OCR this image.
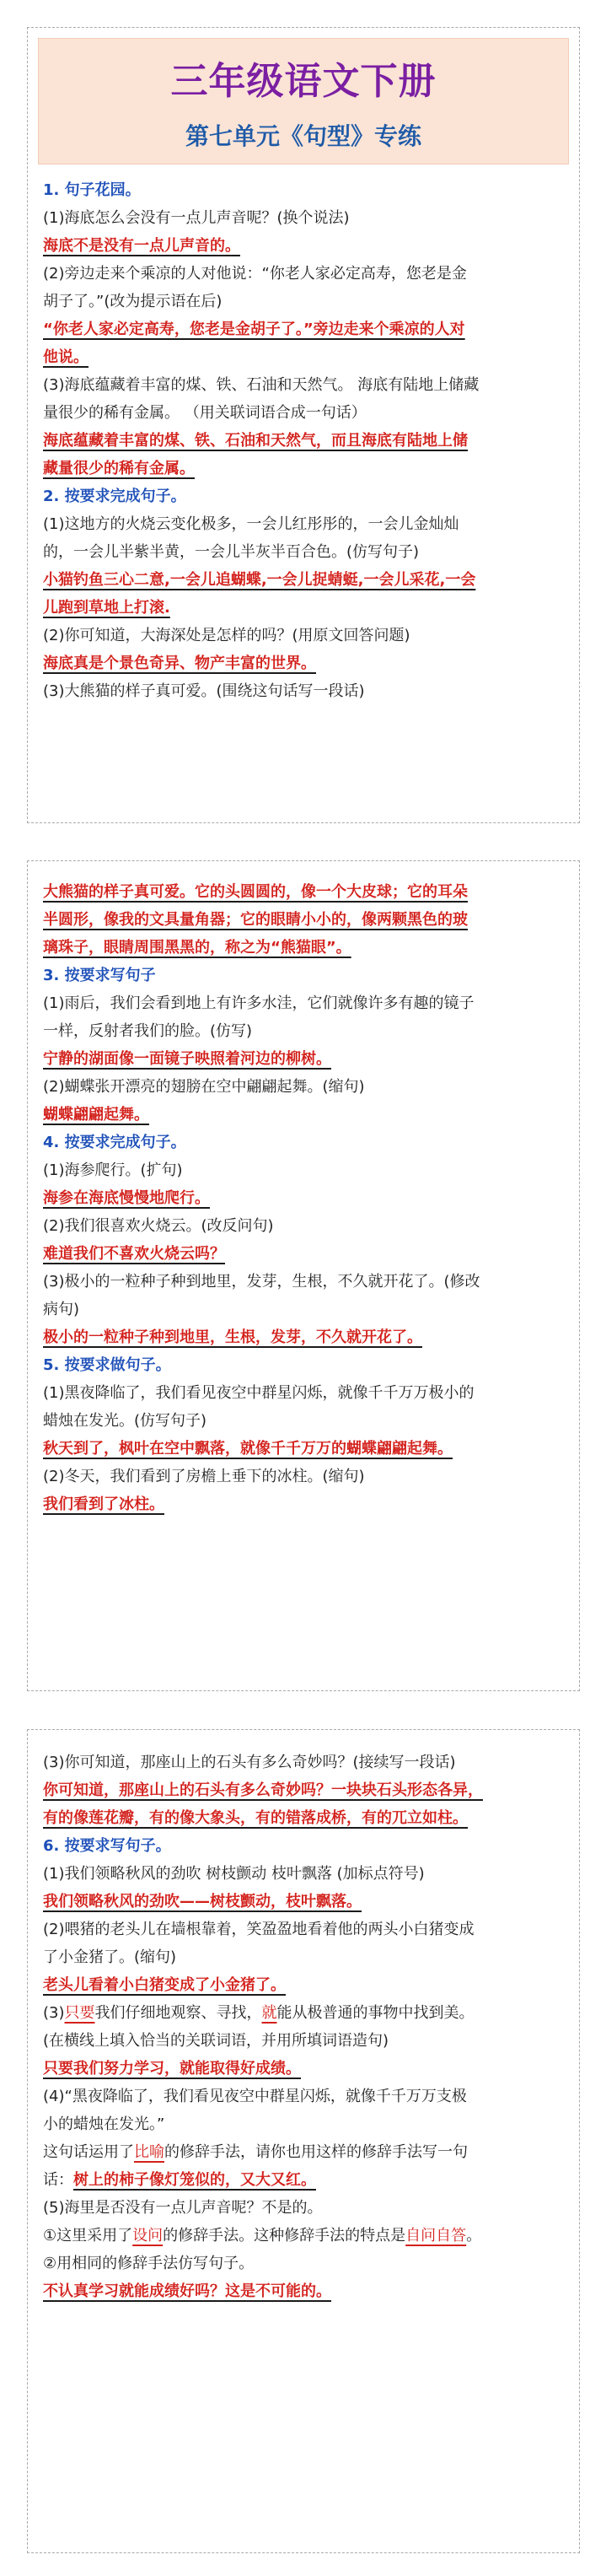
三年级语文下册
第七单元《句型》专练
1. 句子花园。
(1)海底怎么会没有一点儿声音呢？(换个说法)
海底不是没有一点儿声音的。
(2)旁边走来个乘凉的人对他说：“你老人家必定高寿，您老是金
胡子了。”(改为提示语在后)
“你老人家必定高寿，您老是金胡子了。”旁边走来个乘凉的人对
他说。
(3)海底蕴藏着丰富的煤、铁、石油和天然气。 海底有陆地上储藏
量很少的稀有金属。 （用关联词语合成一句话）
海底蕴藏着丰富的煤、铁、石油和天然气，而且海底有陆地上储
藏量很少的稀有金属。
2. 按要求完成句子。
(1)这地方的火烧云变化极多，一会儿红彤彤的，一会儿金灿灿
的，一会儿半紫半黄，一会儿半灰半百合色。(仿写句子)
小猫钓鱼三心二意,一会儿追蝴蝶,一会儿捉蜻蜓,一会儿采花,一会
儿跑到草地上打滚.
(2)你可知道，大海深处是怎样的吗？(用原文回答问题)
海底真是个景色奇异、物产丰富的世界。
(3)大熊猫的样子真可爱。(围绕这句话写一段话)
大熊猫的样子真可爱。它的头圆圆的，像一个大皮球；它的耳朵
半圆形，像我的文具量角器；它的眼睛小小的，像两颗黑色的玻
璃珠子，眼睛周围黑黑的，称之为“熊猫眼”。
3. 按要求写句子
(1)雨后，我们会看到地上有许多水洼，它们就像许多有趣的镜子
一样，反射者我们的脸。(仿写)
宁静的湖面像一面镜子映照着河边的柳树。
(2)蝴蝶张开漂亮的翅膀在空中翩翩起舞。(缩句)
蝴蝶翩翩起舞。
4. 按要求完成句子。
(1)海参爬行。(扩句)
海参在海底慢慢地爬行。
(2)我们很喜欢火烧云。(改反问句)
难道我们不喜欢火烧云吗？
(3)极小的一粒种子种到地里，发芽，生根，不久就开花了。(修改
病句)
极小的一粒种子种到地里，生根，发芽，不久就开花了。
5. 按要求做句子。
(1)黑夜降临了，我们看见夜空中群星闪烁，就像千千万万极小的
蜡烛在发光。(仿写句子)
秋天到了，枫叶在空中飘落，就像千千万万的蝴蝶翩翩起舞。
(2)冬天，我们看到了房檐上垂下的冰柱。(缩句)
我们看到了冰柱。
(3)你可知道，那座山上的石头有多么奇妙吗？(接续写一段话)
你可知道，那座山上的石头有多么奇妙吗？一块块石头形态各异，
有的像莲花瓣，有的像大象头，有的错落成桥，有的兀立如柱。
6. 按要求写句子。
(1)我们领略秋风的劲吹 树枝颤动 枝叶飘落 (加标点符号)
我们领略秋风的劲吹——树枝颤动，枝叶飘落。
(2)喂猪的老头儿在墙根靠着，笑盈盈地看着他的两头小白猪变成
了小金猪了。(缩句)
老头儿看着小白猪变成了小金猪了。
(3)只要我们仔细地观察、寻找，就能从极普通的事物中找到美。
(在横线上填入恰当的关联词语，并用所填词语造句)
只要我们努力学习，就能取得好成绩。
(4)“黑夜降临了，我们看见夜空中群星闪烁，就像千千万万支极
小的蜡烛在发光。”
这句话运用了比喻的修辞手法，请你也用这样的修辞手法写一句
话：树上的柿子像灯笼似的，又大又红。
(5)海里是否没有一点儿声音呢？不是的。
①这里采用了设问的修辞手法。这种修辞手法的特点是自问自答。
②用相同的修辞手法仿写句子。
不认真学习就能成绩好吗？这是不可能的。
